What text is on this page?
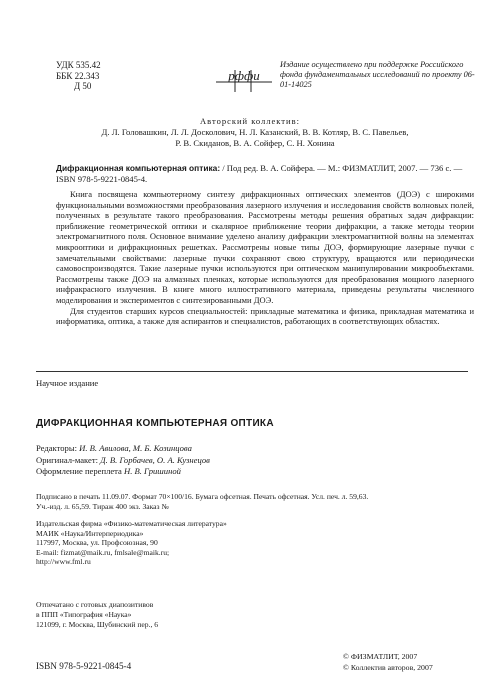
УДК 535.42
ББК 22.343
Д 50
рффи
Издание осуществлено при поддержке Российского фонда фундаментальных исследований по проекту 06-01-14025
Авторский коллектив:
Д. Л. Головашкин, Л. Л. Досколович, Н. Л. Казанский, В. В. Котляр, В. С. Павельев,
Р. В. Скиданов, В. А. Сойфер, С. Н. Хонина
Дифракционная компьютерная оптика: / Под ред. В. А. Сойфера. — М.: ФИЗМАТЛИТ, 2007. — 736 с. — ISBN 978-5-9221-0845-4.

Книга посвящена компьютерному синтезу дифракционных оптических элементов (ДОЭ) с широкими функциональными возможностями преобразования лазерного излучения и исследования свойств волновых полей, полученных в результате такого преобразования. Рассмотрены методы решения обратных задач дифракции: приближение геометрической оптики и скалярное приближение теории дифракции, а также методы теории электромагнитного поля. Основное внимание уделено анализу дифракции электромагнитной волны на элементах микрооптики и дифракционных решетках. Рассмотрены новые типы ДОЭ, формирующие лазерные пучки с замечательными свойствами: лазерные пучки сохраняют свою структуру, вращаются или периодически самовоспроизводятся. Такие лазерные пучки используются при оптическом манипулировании микрообъектами. Рассмотрены также ДОЭ на алмазных пленках, которые используются для преобразования мощного лазерного инфракрасного излучения. В книге много иллюстративного материала, приведены результаты численного моделирования и экспериментов с синтезированными ДОЭ.

Для студентов старших курсов специальностей: прикладные математика и физика, прикладная математика и информатика, оптика, а также для аспирантов и специалистов, работающих в соответствующих областях.

Научное издание
ДИФРАКЦИОННАЯ КОМПЬЮТЕРНАЯ ОПТИКА
Редакторы: И. В. Авилова, М. Б. Козинцова
Оригинал-макет: Д. В. Горбачев, О. А. Кузнецов
Оформление переплета Н. В. Гришиной
Подписано в печать 11.09.07. Формат 70×100/16. Бумага офсетная. Печать офсетная. Усл. печ. л. 59,63.
Уч.-изд. л. 65,59. Тираж 400 экз. Заказ №
Издательская фирма «Физико-математическая литература»
МАИК «Наука/Интерпериодика»
117997, Москва, ул. Профсоюзная, 90
E-mail: fizmat@maik.ru, fmlsale@maik.ru;
http://www.fml.ru
Отпечатано с готовых диапозитивов
в ППП «Типография «Наука»
121099, г. Москва, Шубинский пер., 6
ISBN 978-5-9221-0845-4
© ФИЗМАТЛИТ, 2007
© Коллектив авторов, 2007
